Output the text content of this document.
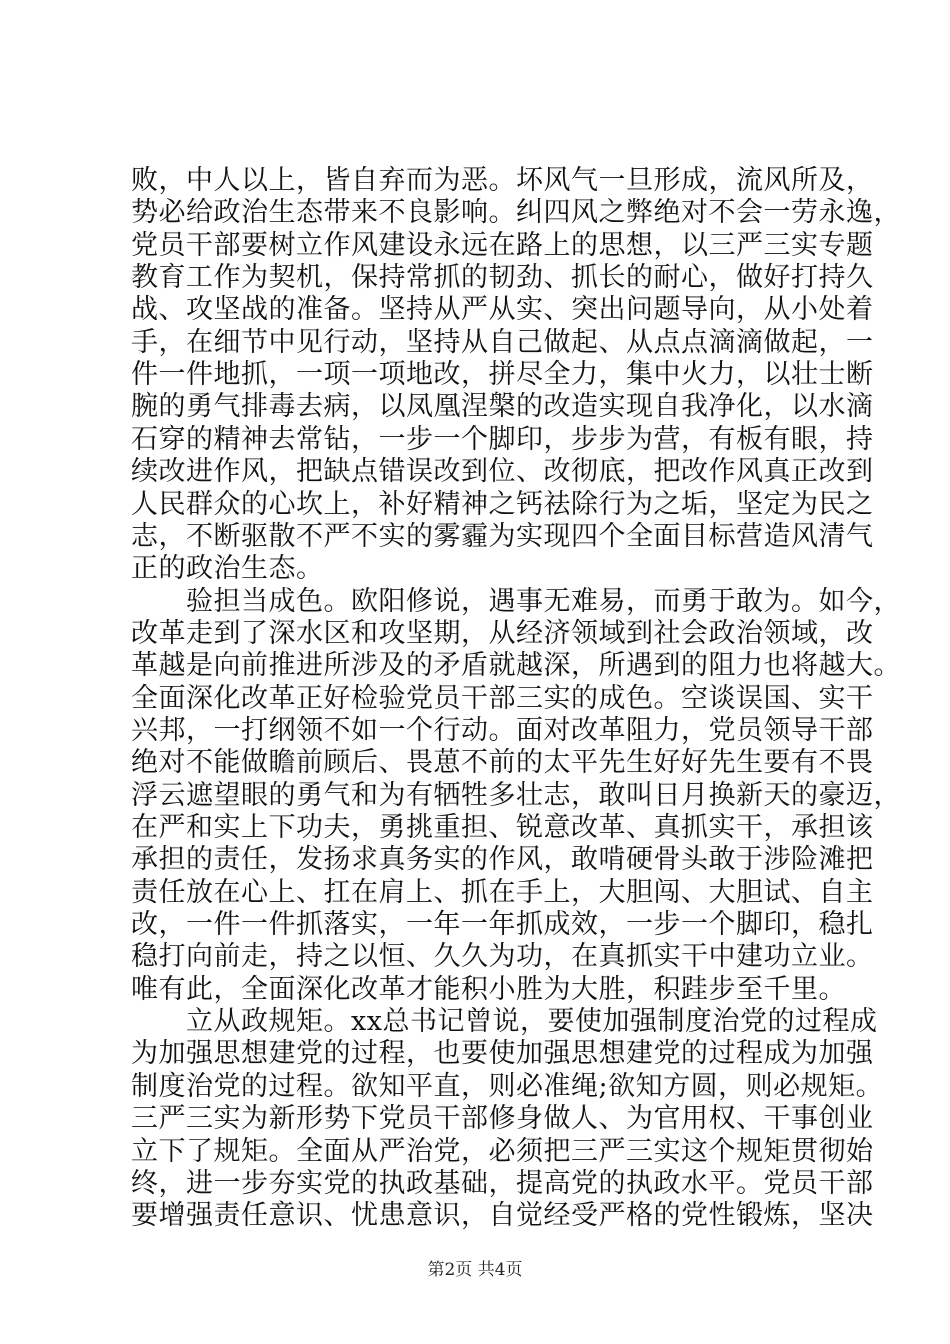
败，中人以上，皆自弃而为恶。坏风气一旦形成，流风所及，
势必给政治生态带来不良影响。纠四风之弊绝对不会一劳永逸，
党员干部要树立作风建设永远在路上的思想，以三严三实专题
教育工作为契机，保持常抓的韧劲、抓长的耐心，做好打持久
战、攻坚战的准备。坚持从严从实、突出问题导向，从小处着
手，在细节中见行动，坚持从自己做起、从点点滴滴做起，一
件一件地抓，一项一项地改，拼尽全力，集中火力，以壮士断
腕的勇气排毒去病，以凤凰涅槃的改造实现自我净化，以水滴
石穿的精神去常钻，一步一个脚印，步步为营，有板有眼，持
续改进作风，把缺点错误改到位、改彻底，把改作风真正改到
人民群众的心坎上，补好精神之钙祛除行为之垢，坚定为民之
志，不断驱散不严不实的雾霾为实现四个全面目标营造风清气
正的政治生态。
　　验担当成色。欧阳修说，遇事无难易，而勇于敢为。如今，
改革走到了深水区和攻坚期，从经济领域到社会政治领域，改
革越是向前推进所涉及的矛盾就越深，所遇到的阻力也将越大。
全面深化改革正好检验党员干部三实的成色。空谈误国、实干
兴邦，一打纲领不如一个行动。面对改革阻力，党员领导干部
绝对不能做瞻前顾后、畏葸不前的太平先生好好先生要有不畏
浮云遮望眼的勇气和为有牺牲多壮志，敢叫日月换新天的豪迈，
在严和实上下功夫，勇挑重担、锐意改革、真抓实干，承担该
承担的责任，发扬求真务实的作风，敢啃硬骨头敢于涉险滩把
责任放在心上、扛在肩上、抓在手上，大胆闯、大胆试、自主
改，一件一件抓落实，一年一年抓成效，一步一个脚印，稳扎
稳打向前走，持之以恒、久久为功，在真抓实干中建功立业。
唯有此，全面深化改革才能积小胜为大胜，积跬步至千里。
　　立从政规矩。xx总书记曾说，要使加强制度治党的过程成
为加强思想建党的过程，也要使加强思想建党的过程成为加强
制度治党的过程。欲知平直，则必准绳;欲知方圆，则必规矩。
三严三实为新形势下党员干部修身做人、为官用权、干事创业
立下了规矩。全面从严治党，必须把三严三实这个规矩贯彻始
终，进一步夯实党的执政基础，提高党的执政水平。党员干部
要增强责任意识、忧患意识，自觉经受严格的党性锻炼，坚决
第2页 共4页
